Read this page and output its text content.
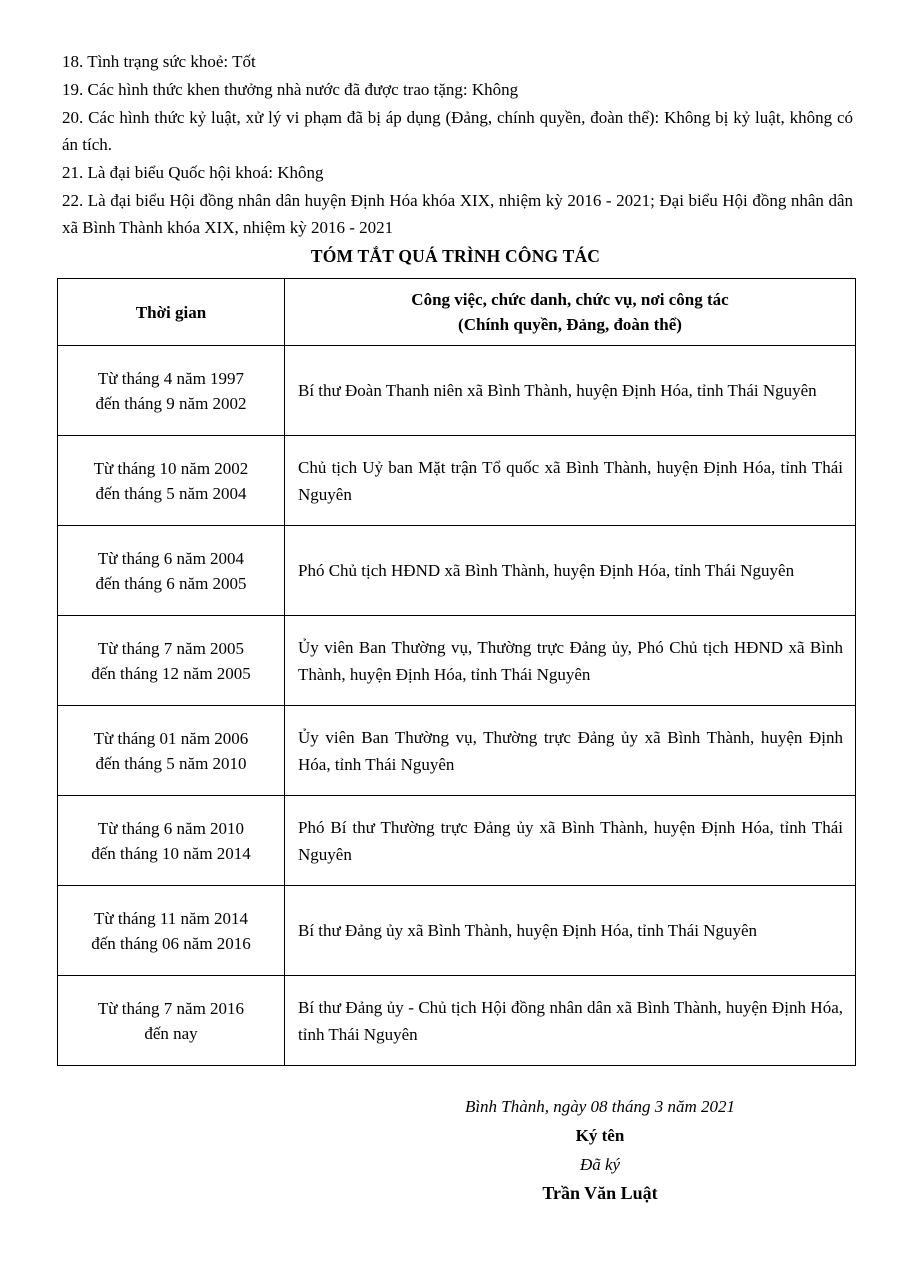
18. Tình trạng sức khoẻ: Tốt

19. Các hình thức khen thưởng nhà nước đã được trao tặng: Không

20. Các hình thức kỷ luật, xử lý vi phạm đã bị áp dụng (Đảng, chính quyền, đoàn thể): Không bị kỷ luật, không có án tích.

21. Là đại biểu Quốc hội khoá: Không

22. Là đại biểu Hội đồng nhân dân huyện Định Hóa khóa XIX, nhiệm kỳ 2016 - 2021; Đại biểu Hội đồng nhân dân xã Bình Thành khóa XIX, nhiệm kỳ 2016 - 2021

TÓM TẮT QUÁ TRÌNH CÔNG TÁC
Thời gian	Công việc, chức danh, chức vụ, nơi công tác
(Chính quyền, Đảng, đoàn thể)

Từ tháng 4 năm 1997
đến tháng 9 năm 2002	Bí thư Đoàn Thanh niên xã Bình Thành, huyện Định Hóa, tỉnh Thái Nguyên

Từ tháng 10 năm 2002
đến tháng 5 năm 2004	Chủ tịch Uỷ ban Mặt trận Tổ quốc xã Bình Thành, huyện Định Hóa, tỉnh Thái Nguyên

Từ tháng 6 năm 2004
đến tháng 6 năm 2005	Phó Chủ tịch HĐND xã Bình Thành, huyện Định Hóa, tỉnh Thái Nguyên

Từ tháng 7 năm 2005
đến tháng 12 năm 2005	Ủy viên Ban Thường vụ, Thường trực Đảng ủy, Phó Chủ tịch HĐND xã Bình Thành, huyện Định Hóa, tỉnh Thái Nguyên

Từ tháng 01 năm 2006
đến tháng 5 năm 2010	Ủy viên Ban Thường vụ, Thường trực Đảng ủy xã Bình Thành, huyện Định Hóa, tỉnh Thái Nguyên

Từ tháng 6 năm 2010
đến tháng 10 năm 2014	Phó Bí thư Thường trực Đảng ủy xã Bình Thành, huyện Định Hóa, tỉnh Thái Nguyên

Từ tháng 11 năm 2014
đến tháng 06 năm 2016	Bí thư Đảng ủy xã Bình Thành, huyện Định Hóa, tỉnh Thái Nguyên

Từ tháng 7 năm 2016
đến nay	Bí thư Đảng ủy - Chủ tịch Hội đồng nhân dân xã Bình Thành, huyện Định Hóa, tỉnh Thái Nguyên
Bình Thành, ngày 08 tháng 3 năm 2021
Ký tên
Đã ký
Trần Văn Luật
